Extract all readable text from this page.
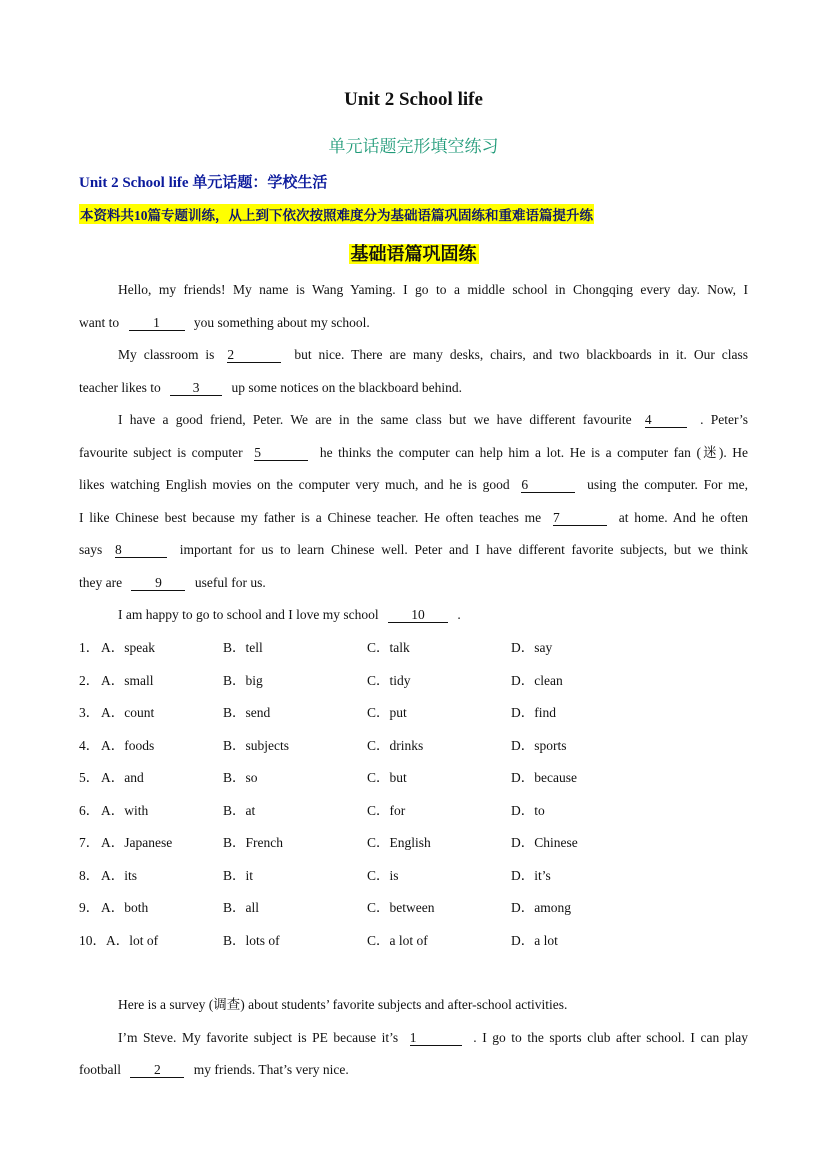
Unit 2 School life
单元话题完形填空练习
Unit 2 School life 单元话题：学校生活
本资料共10篇专题训练，从上到下依次按照难度分为基础语篇巩固练和重难语篇提升练
基础语篇巩固练
Hello, my friends! My name is Wang Yaming. I go to a middle school in Chongqing every day. Now, I
want to	1	you something about my school.
My classroom is 2	but nice. There are many desks, chairs, and two blackboards in it. Our class
teacher likes to 3 up some notices on the blackboard behind.
I have a good friend, Peter. We are in the same class but we have different favourite 4	. Peter’s
favourite subject is computer 5	he thinks the computer can help him a lot. He is a computer fan (迷). He
likes watching English movies on the computer very much, and he is good 6	using the computer. For me,
I like Chinese best because my father is a Chinese teacher. He often teaches me 7	at home. And he often
says 8	important for us to learn Chinese well. Peter and I have different favorite subjects, but we think
they are 9 useful for us.
I am happy to go to school and I love my school 10 .
1． A．speak	B．tell	C．talk	D．say
2． A．small	B．big	C．tidy	D．clean
3． A．count	B．send	C．put	D．find
4． A．foods	B．subjects	C．drinks	D．sports
5． A．and	B．so	C．but	D．because
6． A．with	B．at	C．for	D．to
7． A．Japanese	B．French	C．English	D．Chinese
8． A．its	B．it	C．is	D．it’s
9． A．both	B．all	C．between	D．among
10． A．lot of	B．lots of	C．a lot of	D．a lot
Here is a survey (调查) about students’ favorite subjects and after-school activities.
I’m Steve. My favorite subject is PE because it’s 1	. I go to the sports club after school. I can play
football 2 my friends. That’s very nice.
